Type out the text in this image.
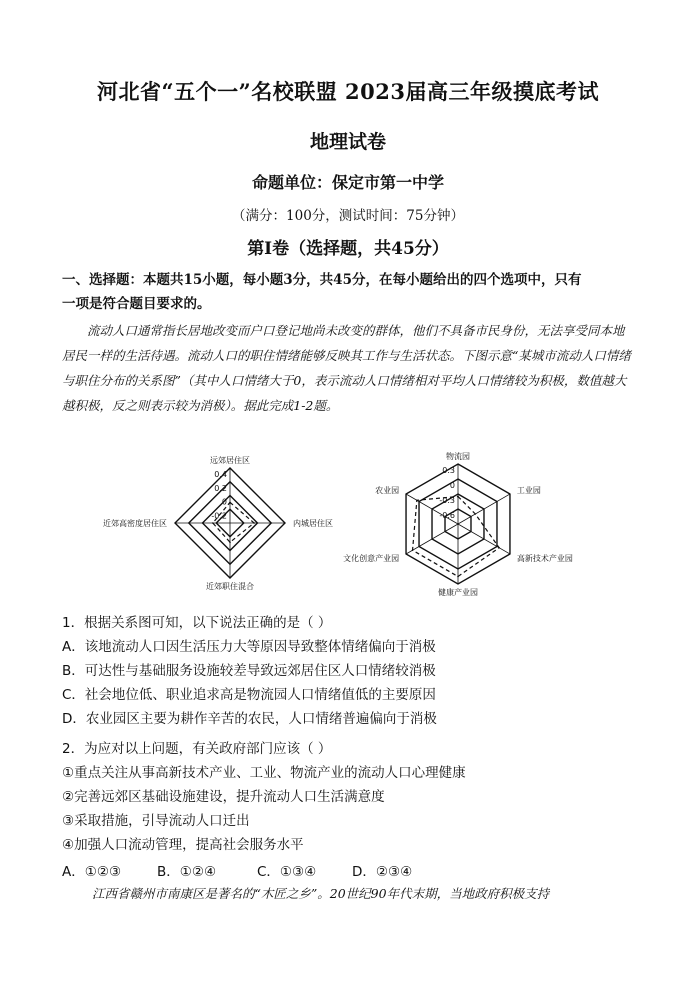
河北省“五个一”名校联盟 2023届高三年级摸底考试
地理试卷
命题单位：保定市第一中学
（满分：100分，测试时间：75分钟）
第Ⅰ卷（选择题，共45分）
一、选择题：本题共15小题，每小题3分，共45分，在每小题给出的四个选项中，只有
一项是符合题目要求的。
流动人口通常指长居地改变而户口登记地尚未改变的群体，他们不具备市民身份，无法享受同本地居民一样的生活待遇。流动人口的职住情绪能够反映其工作与生活状态。下图示意“某城市流动人口情绪与职住分布的关系图”（其中人口情绪大于0，表示流动人口情绪相对平均人口情绪较为积极，数值越大越积极，反之则表示较为消极）。据此完成1-2题。
0.4
0.2
0
-0.2
远郊居住区
内城居住区
近郊职住混合
近郊高密度居住区
0.3
0
-0.3
-0.6
物流园
工业园
高新技术产业园
健康产业园
文化创意产业园
农业园
1．根据关系图可知，以下说法正确的是（ ）
A．该地流动人口因生活压力大等原因导致整体情绪偏向于消极
B．可达性与基础服务设施较差导致远郊居住区人口情绪较消极
C．社会地位低、职业追求高是物流园人口情绪值低的主要原因
D．农业园区主要为耕作辛苦的农民，人口情绪普遍偏向于消极
2．为应对以上问题，有关政府部门应该（ ）
①重点关注从事高新技术产业、工业、物流产业的流动人口心理健康
②完善远郊区基础设施建设，提升流动人口生活满意度
③采取措施，引导流动人口迁出
④加强人口流动管理，提高社会服务水平
A．①②③	B．①②④	C．①③④	D．②③④
江西省赣州市南康区是著名的“木匠之乡”。20世纪90年代末期，当地政府积极支持
